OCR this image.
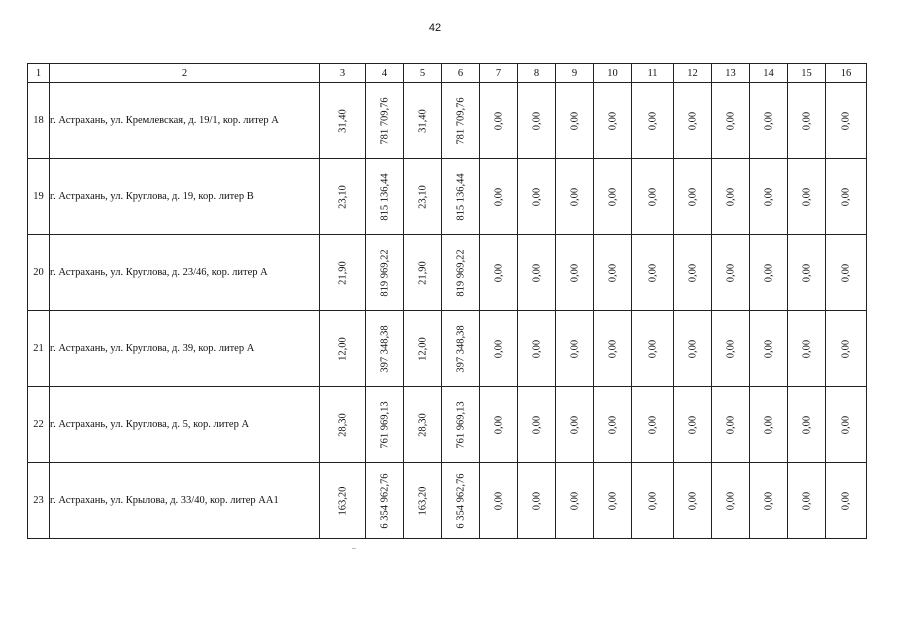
42
1	2	3	4	5	6	7	8	9	10	11	12	13	14	15	16
18	г. Астрахань, ул. Кремлевская, д. 19/1, кор. литер А	31,40	781 709,76	31,40	781 709,76	0,00	0,00	0,00	0,00	0,00	0,00	0,00	0,00	0,00	0,00

19	г. Астрахань, ул. Круглова, д. 19, кор. литер В	23,10	815 136,44	23,10	815 136,44	0,00	0,00	0,00	0,00	0,00	0,00	0,00	0,00	0,00	0,00

20	г. Астрахань, ул. Круглова, д. 23/46, кор. литер А	21,90	819 969,22	21,90	819 969,22	0,00	0,00	0,00	0,00	0,00	0,00	0,00	0,00	0,00	0,00

21	г. Астрахань, ул. Круглова, д. 39, кор. литер А	12,00	397 348,38	12,00	397 348,38	0,00	0,00	0,00	0,00	0,00	0,00	0,00	0,00	0,00	0,00

22	г. Астрахань, ул. Круглова, д. 5, кор. литер А	28,30	761 969,13	28,30	761 969,13	0,00	0,00	0,00	0,00	0,00	0,00	0,00	0,00	0,00	0,00

23	г. Астрахань, ул. Крылова, д. 33/40, кор. литер АА1	163,20	6 354 962,76	163,20	6 354 962,76	0,00	0,00	0,00	0,00	0,00	0,00	0,00	0,00	0,00	0,00
